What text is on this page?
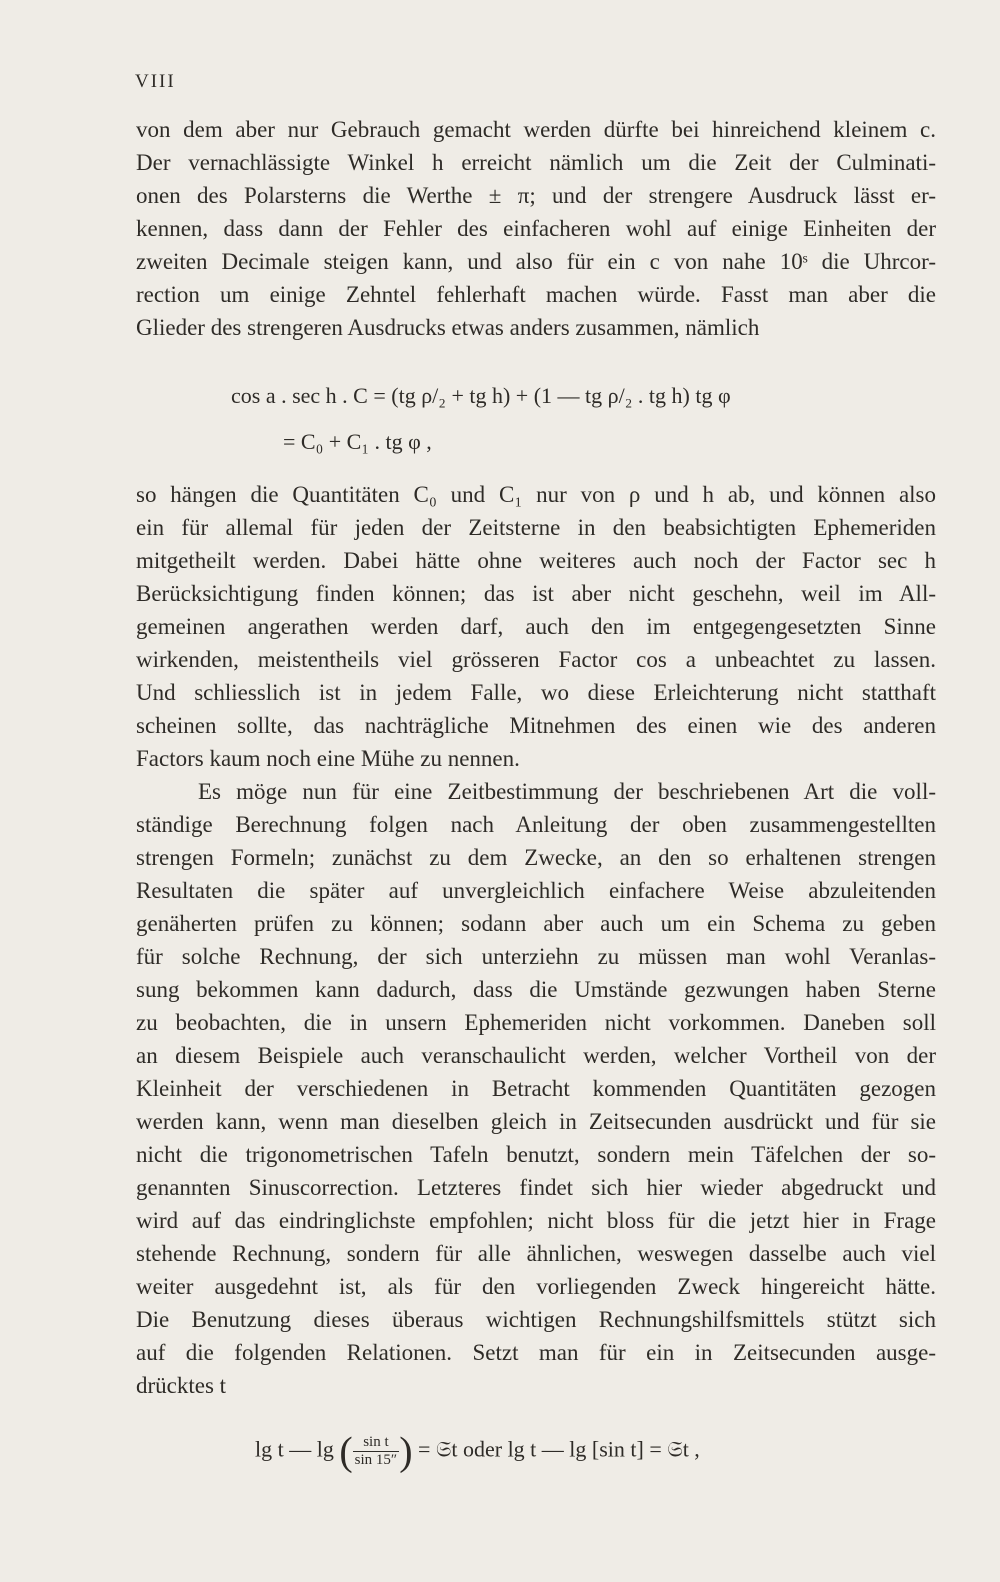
VIII
von dem aber nur Gebrauch gemacht werden dürfte bei hinreichend kleinem c.
Der vernachlässigte Winkel h erreicht nämlich um die Zeit der Culminati-
onen des Polarsterns die Werthe ± π; und der strengere Ausdruck lässt er-
kennen, dass dann der Fehler des einfacheren wohl auf einige Einheiten der
zweiten Decimale steigen kann, und also für ein c von nahe 10ˢ die Uhrcor-
rection um einige Zehntel fehlerhaft machen würde. Fasst man aber die
Glieder des strengeren Ausdrucks etwas anders zusammen, nämlich
cos a . sec h . C = (tg ρ/₂ + tg h) + (1 — tg ρ/₂ . tg h) tg φ
= C₀ + C₁ . tg φ ,
so hängen die Quantitäten C₀ und C₁ nur von ρ und h ab, und können also
ein für allemal für jeden der Zeitsterne in den beabsichtigten Ephemeriden
mitgetheilt werden. Dabei hätte ohne weiteres auch noch der Factor sec h
Berücksichtigung finden können; das ist aber nicht geschehn, weil im All-
gemeinen angerathen werden darf, auch den im entgegengesetzten Sinne
wirkenden, meistentheils viel grösseren Factor cos a unbeachtet zu lassen.
Und schliesslich ist in jedem Falle, wo diese Erleichterung nicht statthaft
scheinen sollte, das nachträgliche Mitnehmen des einen wie des anderen
Factors kaum noch eine Mühe zu nennen.
Es möge nun für eine Zeitbestimmung der beschriebenen Art die voll-
ständige Berechnung folgen nach Anleitung der oben zusammengestellten
strengen Formeln; zunächst zu dem Zwecke, an den so erhaltenen strengen
Resultaten die später auf unvergleichlich einfachere Weise abzuleitenden
genäherten prüfen zu können; sodann aber auch um ein Schema zu geben
für solche Rechnung, der sich unterziehn zu müssen man wohl Veranlas-
sung bekommen kann dadurch, dass die Umstände gezwungen haben Sterne
zu beobachten, die in unsern Ephemeriden nicht vorkommen. Daneben soll
an diesem Beispiele auch veranschaulicht werden, welcher Vortheil von der
Kleinheit der verschiedenen in Betracht kommenden Quantitäten gezogen
werden kann, wenn man dieselben gleich in Zeitsecunden ausdrückt und für sie
nicht die trigonometrischen Tafeln benutzt, sondern mein Täfelchen der so-
genannten Sinuscorrection. Letzteres findet sich hier wieder abgedruckt und
wird auf das eindringlichste empfohlen; nicht bloss für die jetzt hier in Frage
stehende Rechnung, sondern für alle ähnlichen, weswegen dasselbe auch viel
weiter ausgedehnt ist, als für den vorliegenden Zweck hingereicht hätte.
Die Benutzung dieses überaus wichtigen Rechnungshilfsmittels stützt sich
auf die folgenden Relationen. Setzt man für ein in Zeitsecunden ausge-
drücktes t
lg t — lg ( $\frac{\text{sin t}}{\sin 15''}$ ) = 𝔖t oder lg t — lg [sin t] = 𝔖t ,
